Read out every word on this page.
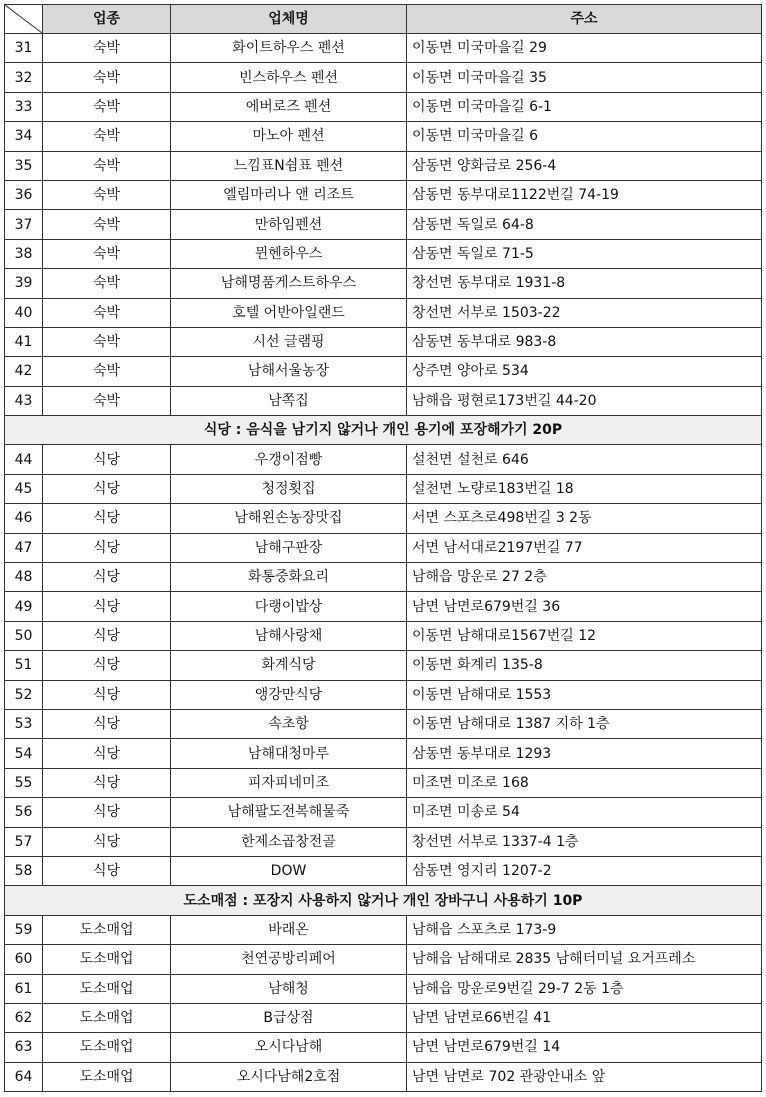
	업종	업체명	주소
31	숙박	화이트하우스 펜션	이동면 미국마을길 29
32	숙박	빈스하우스 펜션	이동면 미국마을길 35
33	숙박	에버로즈 펜션	이동면 미국마을길 6-1
34	숙박	마노아 펜션	이동면 미국마을길 6
35	숙박	느낌표N쉼표 펜션	삼동면 양화금로 256-4
36	숙박	엘림마리나 앤 리조트	삼동면 동부대로1122번길 74-19
37	숙박	만하임펜션	삼동면 독일로 64-8
38	숙박	뮌헨하우스	삼동면 독일로 71-5
39	숙박	남해명품게스트하우스	창선면 동부대로 1931-8
40	숙박	호텔 어반아일랜드	창선면 서부로 1503-22
41	숙박	시선 글램핑	삼동면 동부대로 983-8
42	숙박	남해서울농장	상주면 양아로 534
43	숙박	남쪽집	남해읍 평현로173번길 44-20
식당 : 음식을 남기지 않거나 개인 용기에 포장해가기 20P			
44	식당	우갱이점빵	설천면 설천로 646
45	식당	청정횟집	설천면 노량로183번길 18
46	식당	남해왼손농장맛집	서면 스포츠로498번길 3 2동
47	식당	남해구판장	서면 남서대로2197번길 77
48	식당	화통중화요리	남해읍 망운로 27 2층
49	식당	다랭이밥상	남면 남면로679번길 36
50	식당	남해사랑채	이동면 남해대로1567번길 12
51	식당	화계식당	이동면 화계리 135-8
52	식당	앵강만식당	이동면 남해대로 1553
53	식당	속초항	이동면 남해대로 1387 지하 1층
54	식당	남해대청마루	삼동면 동부대로 1293
55	식당	피자피네미조	미조면 미조로 168
56	식당	남해팔도전복해물죽	미조면 미송로 54
57	식당	한제소곱창전골	창선면 서부로 1337-4 1층
58	식당	DOW	삼동면 영지리 1207-2
도소매점 : 포장지 사용하지 않거나 개인 장바구니 사용하기 10P			
59	도소매업	바래온	남해읍 스포츠로 173-9
60	도소매업	천연공방리페어	남해읍 남해대로 2835 남해터미널 요거프레소
61	도소매업	남해청	남해읍 망운로9번길 29-7 2동 1층
62	도소매업	B급상점	남면 남면로66번길 41
63	도소매업	오시다남해	남면 남면로679번길 14
64	도소매업	오시다남해2호점	남면 남면로 702 관광안내소 앞
